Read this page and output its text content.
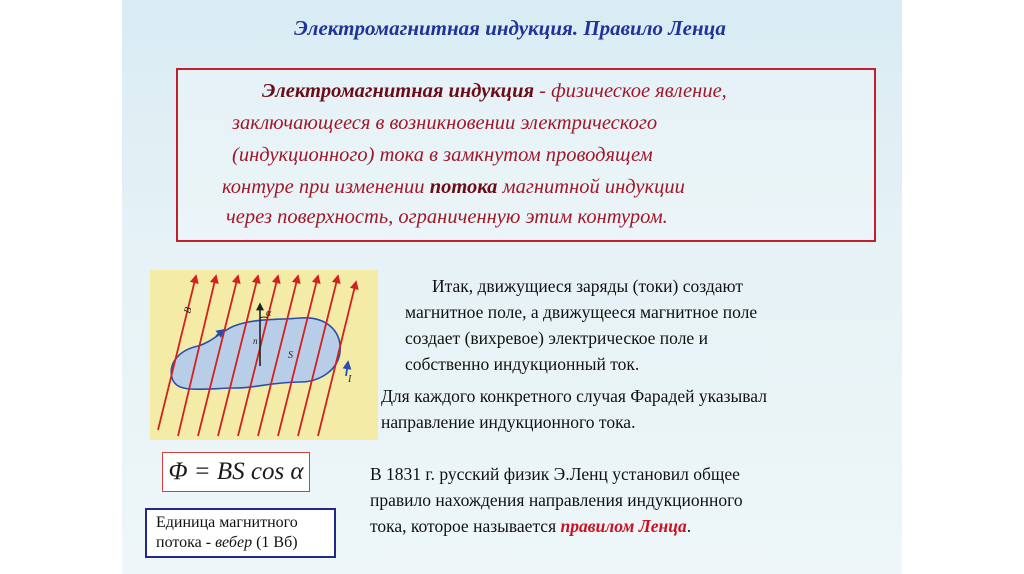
Электромагнитная индукция. Правило Ленца
Электромагнитная индукция - физическое явление,
заключающееся в возникновении электрического
(индукционного) тока в замкнутом проводящем
контуре при изменении потока магнитной индукции
через поверхность, ограниченную этим контуром.
B	α
n
S
I
Итак, движущиеся заряды (токи) создают
магнитное поле, а движущееся магнитное поле
создает (вихревое) электрическое поле и
собственно индукционный ток.
Для каждого конкретного случая Фарадей указывал
направление индукционного тока.
Φ = BS cos α
Единица магнитного
потока - вебер (1 Вб)
В 1831 г. русский физик Э.Ленц установил общее
правило нахождения направления индукционного
тока, которое называется правилом Ленца.
